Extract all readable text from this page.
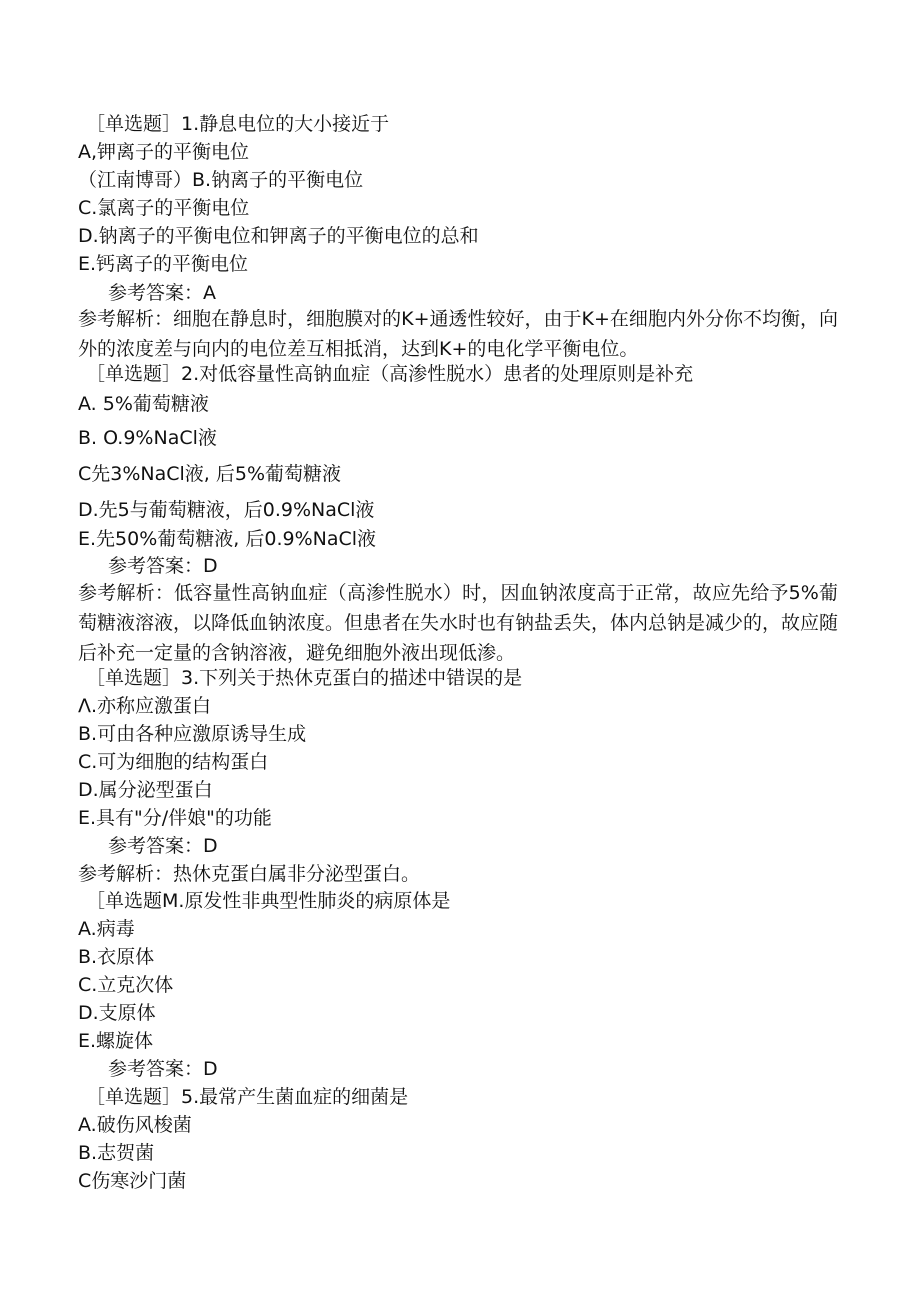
［单选题］1.静息电位的大小接近于
A,钾离子的平衡电位
（江南博哥）B.钠离子的平衡电位
C.氯离子的平衡电位
D.钠离子的平衡电位和钾离子的平衡电位的总和
E.钙离子的平衡电位
参考答案：A
参考解析：细胞在静息时，细胞膜对的K+通透性较好，由于K+在细胞内外分你不均衡，向外的浓度差与向内的电位差互相抵消，达到K+的电化学平衡电位。
［单选题］2.对低容量性高钠血症（高渗性脱水）患者的处理原则是补充
A. 5%葡萄糖液
B. O.9%NaCl液
C先3%NaCl液, 后5%葡萄糖液
D.先5与葡萄糖液，后0.9%NaCl液
E.先50%葡萄糖液, 后0.9%NaCl液
参考答案：D
参考解析：低容量性高钠血症（高渗性脱水）时，因血钠浓度高于正常，故应先给予5%葡萄糖液溶液，以降低血钠浓度。但患者在失水时也有钠盐丢失，体内总钠是减少的，故应随后补充一定量的含钠溶液，避免细胞外液出现低渗。
［单选题］3.下列关于热休克蛋白的描述中错误的是
Λ.亦称应激蛋白
B.可由各种应激原诱导生成
C.可为细胞的结构蛋白
D.属分泌型蛋白
E.具有"分/伴娘"的功能
参考答案：D
参考解析：热休克蛋白属非分泌型蛋白。
［单选题M.原发性非典型性肺炎的病原体是
A.病毒
B.衣原体
C.立克次体
D.支原体
E.螺旋体
参考答案：D
［单选题］5.最常产生菌血症的细菌是
A.破伤风梭菌
B.志贺菌
C伤寒沙门菌
